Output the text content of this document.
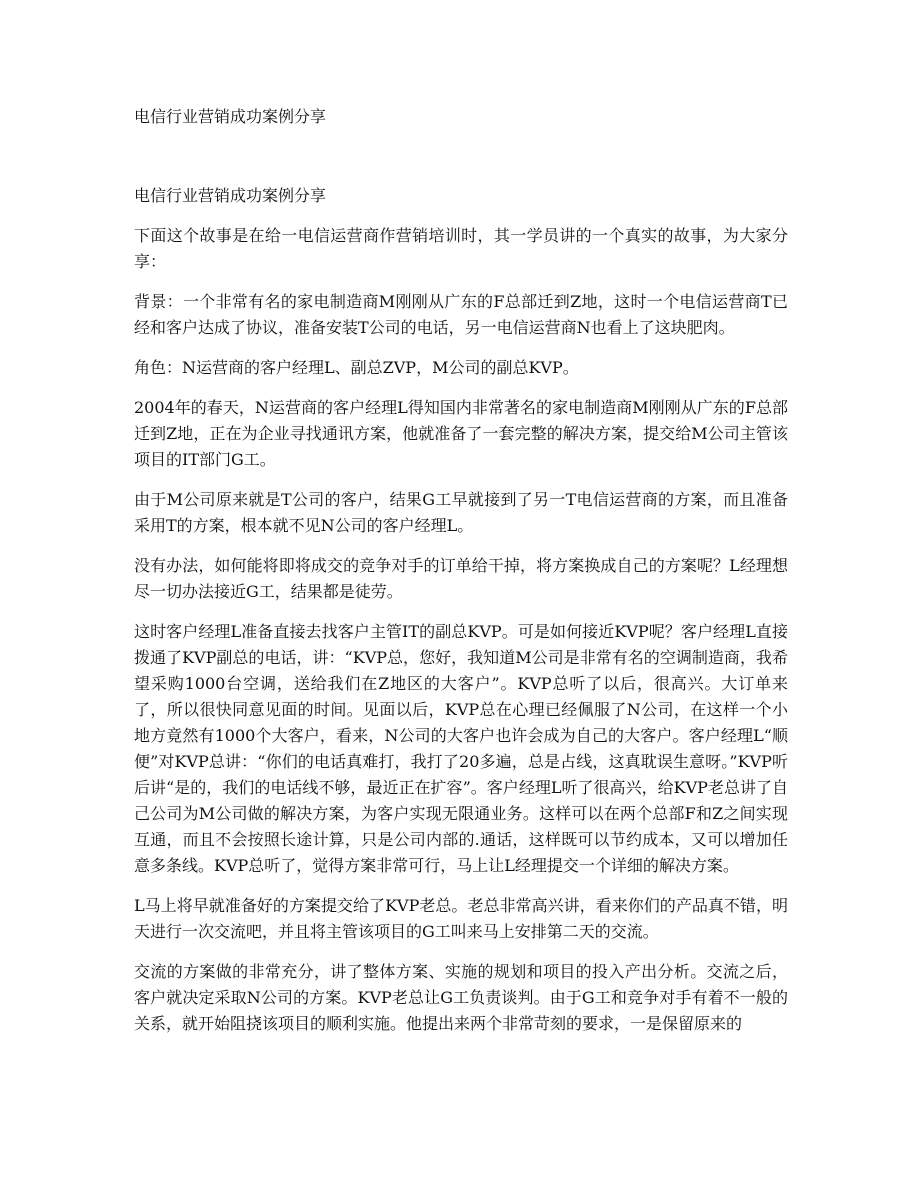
电信行业营销成功案例分享

电信行业营销成功案例分享

下面这个故事是在给一电信运营商作营销培训时，其一学员讲的一个真实的故事，为大家分享：

背景：一个非常有名的家电制造商M刚刚从广东的F总部迁到Z地，这时一个电信运营商T已经和客户达成了协议，准备安装T公司的电话，另一电信运营商N也看上了这块肥肉。

角色：N运营商的客户经理L、副总ZVP，M公司的副总KVP。

2004年的春天，N运营商的客户经理L得知国内非常著名的家电制造商M刚刚从广东的F总部迁到Z地，正在为企业寻找通讯方案，他就准备了一套完整的解决方案，提交给M公司主管该项目的IT部门G工。

由于M公司原来就是T公司的客户，结果G工早就接到了另一T电信运营商的方案，而且准备采用T的方案，根本就不见N公司的客户经理L。

没有办法，如何能将即将成交的竞争对手的订单给干掉，将方案换成自己的方案呢？L经理想尽一切办法接近G工，结果都是徒劳。

这时客户经理L准备直接去找客户主管IT的副总KVP。可是如何接近KVP呢？客户经理L直接拨通了KVP副总的电话，讲：“KVP总，您好，我知道M公司是非常有名的空调制造商，我希望采购1000台空调，送给我们在Z地区的大客户”。KVP总听了以后，很高兴。大订单来了，所以很快同意见面的时间。见面以后，KVP总在心理已经佩服了N公司，在这样一个小地方竟然有1000个大客户，看来，N公司的大客户也许会成为自己的大客户。客户经理L“顺便”对KVP总讲：“你们的电话真难打，我打了20多遍，总是占线，这真耽误生意呀。”KVP听后讲“是的，我们的电话线不够，最近正在扩容”。客户经理L听了很高兴，给KVP老总讲了自己公司为M公司做的解决方案，为客户实现无限通业务。这样可以在两个总部F和Z之间实现互通，而且不会按照长途计算，只是公司内部的.通话，这样既可以节约成本，又可以增加任意多条线。KVP总听了，觉得方案非常可行，马上让L经理提交一个详细的解决方案。

L马上将早就准备好的方案提交给了KVP老总。老总非常高兴讲，看来你们的产品真不错，明天进行一次交流吧，并且将主管该项目的G工叫来马上安排第二天的交流。

交流的方案做的非常充分，讲了整体方案、实施的规划和项目的投入产出分析。交流之后，客户就决定采取N公司的方案。KVP老总让G工负责谈判。由于G工和竞争对手有着不一般的关系，就开始阻挠该项目的顺利实施。他提出来两个非常苛刻的要求，一是保留原来的
